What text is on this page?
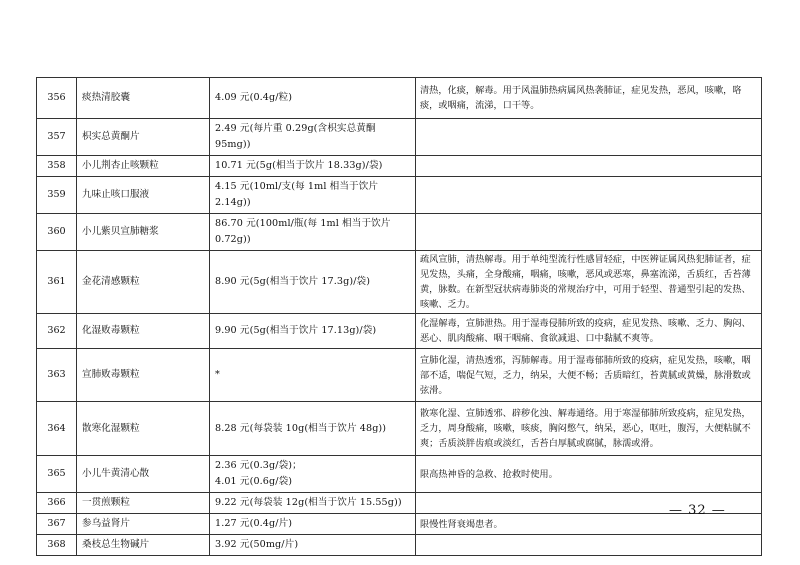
356	痰热清胶囊	4.09 元(0.4g/粒)	清热，化痰，解毒。用于风温肺热病属风热袭肺证，症见发热，恶风，咳嗽，咯痰，或咽痛，流涕，口干等。
357	枳实总黄酮片	2.49 元(每片重 0.29g(含枳实总黄酮 95mg))	
358	小儿荆杏止咳颗粒	10.71 元(5g(相当于饮片 18.33g)/袋)	
359	九味止咳口服液	4.15 元(10ml/支(每 1ml 相当于饮片 2.14g))	
360	小儿紫贝宣肺糖浆	86.70 元(100ml/瓶(每 1ml 相当于饮片 0.72g))	
361	金花清感颗粒	8.90 元(5g(相当于饮片 17.3g)/袋)	疏风宣肺，清热解毒。用于单纯型流行性感冒轻症，中医辨证属风热犯肺证者，症见发热，头痛，全身酸痛，咽痛，咳嗽，恶风或恶寒，鼻塞流涕，舌质红，舌苔薄黄，脉数。在新型冠状病毒肺炎的常规治疗中，可用于轻型、普通型引起的发热、咳嗽、乏力。
362	化湿败毒颗粒	9.90 元(5g(相当于饮片 17.13g)/袋)	化湿解毒，宣肺泄热。用于湿毒侵肺所致的疫病，症见发热、咳嗽、乏力、胸闷、恶心、肌肉酸痛、咽干咽痛、食欲减退、口中黏腻不爽等。
363	宣肺败毒颗粒	*	宣肺化湿，清热透邪，泻肺解毒。用于湿毒郁肺所致的疫病，症见发热，咳嗽，咽部不适，喘促气短，乏力，纳呆，大便不畅；舌质暗红，苔黄腻或黄燥，脉滑数或弦滑。
364	散寒化湿颗粒	8.28 元(每袋装 10g(相当于饮片 48g))	散寒化湿、宣肺透邪、辟秽化浊、解毒通络。用于寒湿郁肺所致疫病，症见发热，乏力，周身酸痛，咳嗽，咳痰，胸闷憋气，纳呆，恶心，呕吐，腹泻，大便粘腻不爽；舌质淡胖齿痕或淡红，舌苔白厚腻或腐腻，脉濡或滑。
365	小儿牛黄清心散	2.36 元(0.3g/袋)；
4.01 元(0.6g/袋)	限高热神昏的急救、抢救时使用。
366	一贯煎颗粒	9.22 元(每袋装 12g(相当于饮片 15.55g))	
367	参乌益肾片	1.27 元(0.4g/片)	限慢性肾衰竭患者。
368	桑枝总生物碱片	3.92 元(50mg/片)	
— 32 —
